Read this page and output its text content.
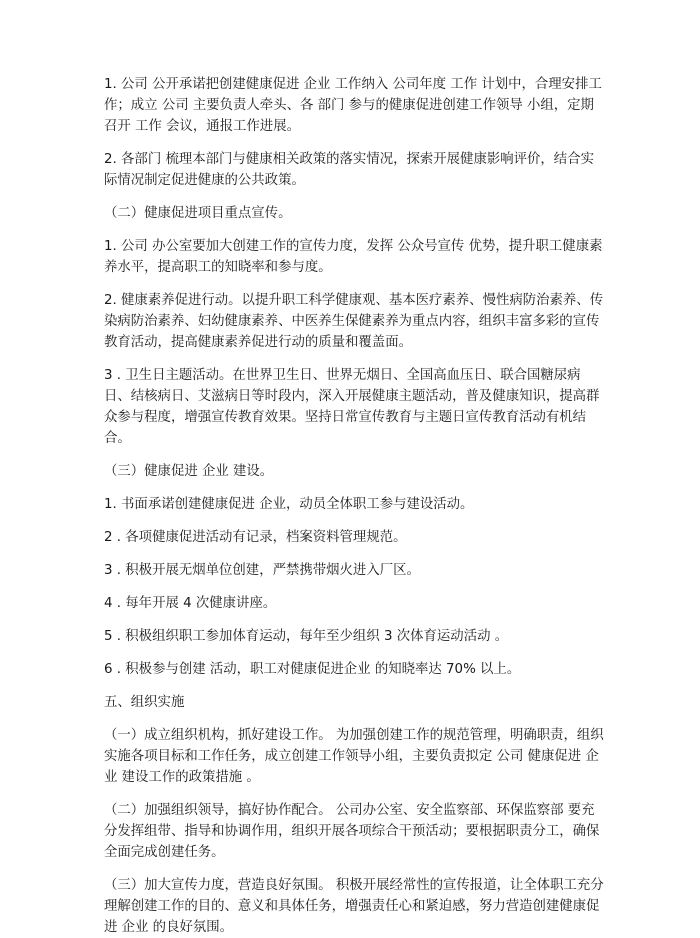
1. 公司 公开承诺把创建健康促进 企业 工作纳入 公司年度 工作 计划中，合理安排工作；成立 公司 主要负责人牵头、各 部门 参与的健康促进创建工作领导 小组，定期召开 工作 会议，通报工作进展。

2. 各部门 梳理本部门与健康相关政策的落实情况，探索开展健康影响评价，结合实际情况制定促进健康的公共政策。

（二）健康促进项目重点宣传。

1. 公司 办公室要加大创建工作的宣传力度，发挥 公众号宣传 优势，提升职工健康素养水平，提高职工的知晓率和参与度。

2. 健康素养促进行动。以提升职工科学健康观、基本医疗素养、慢性病防治素养、传染病防治素养、妇幼健康素养、中医养生保健素养为重点内容，组织丰富多彩的宣传教育活动，提高健康素养促进行动的质量和覆盖面。

3 . 卫生日主题活动。在世界卫生日、世界无烟日、全国高血压日、联合国糖尿病日、结核病日、艾滋病日等时段内，深入开展健康主题活动，普及健康知识，提高群众参与程度，增强宣传教育效果。坚持日常宣传教育与主题日宣传教育活动有机结合。

（三）健康促进 企业 建设。

1. 书面承诺创建健康促进 企业，动员全体职工参与建设活动。

2 . 各项健康促进活动有记录，档案资料管理规范。

3 . 积极开展无烟单位创建，严禁携带烟火进入厂区。

4 . 每年开展 4 次健康讲座。

5 . 积极组织职工参加体育运动，每年至少组织 3 次体育运动活动 。

6 . 积极参与创建 活动，职工对健康促进企业 的知晓率达 70% 以上。

五、组织实施

（一）成立组织机构，抓好建设工作。 为加强创建工作的规范管理，明确职责，组织实施各项目标和工作任务，成立创建工作领导小组，主要负责拟定 公司 健康促进 企业 建设工作的政策措施 。

（二）加强组织领导，搞好协作配合。 公司办公室、安全监察部、环保监察部 要充分发挥组带、指导和协调作用，组织开展各项综合干预活动；要根据职责分工，确保全面完成创建任务。

（三）加大宣传力度，营造良好氛围。 积极开展经常性的宣传报道，让全体职工充分理解创建工作的目的、意义和具体任务，增强责任心和紧迫感，努力营造创建健康促进 企业 的良好氛围。
